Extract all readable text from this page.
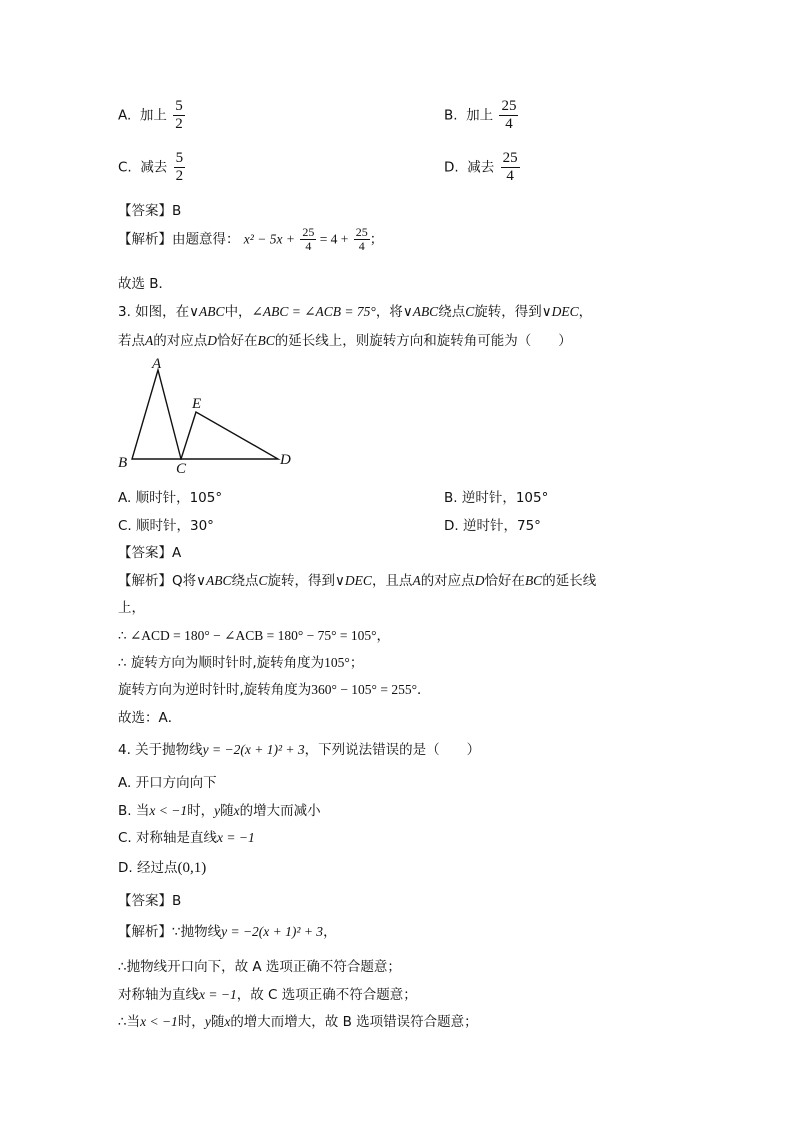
A. 加上 $\frac{5}{2}$	B. 加上 $\frac{25}{4}$
C. 减去 $\frac{5}{2}$	D. 减去 $\frac{25}{4}$
【答案】B
【解析】由题意得： $x^2 - 5x + \frac{25}{4} = 4 + \frac{25}{4}$ ；
故选 B．
3. 如图，在∨ABC中，∠ABC = ∠ACB = 75°，将∨ABC绕点C旋转，得到∨DEC，
若点A的对应点D恰好在BC的延长线上，则旋转方向和旋转角可能为（　　）
A
B	C
D
E
A. 顺时针，105°	B. 逆时针，105°
C. 顺时针，30°	D. 逆时针，75°
【答案】A
【解析】Q将∨ABC绕点C旋转，得到∨DEC，且点A的对应点D恰好在BC的延长线
上，
∴ ∠ACD = 180° − ∠ACB = 180° − 75° = 105°，
∴ 旋转方向为顺时针时,旋转角度为105°；
旋转方向为逆时针时,旋转角度为360° − 105° = 255°．
故选：A．
4. 关于抛物线y = −2(x + 1)² + 3，下列说法错误的是（　　）
A. 开口方向向下
B. 当x < −1时，y随x的增大而减小
C. 对称轴是直线x = −1
D. 经过点(0,1)
【答案】B
【解析】∵抛物线y = −2(x + 1)² + 3，
∴抛物线开口向下，故 A 选项正确不符合题意；
对称轴为直线x = −1，故 C 选项正确不符合题意；
∴当x < −1时，y随x的增大而增大，故 B 选项错误符合题意；
